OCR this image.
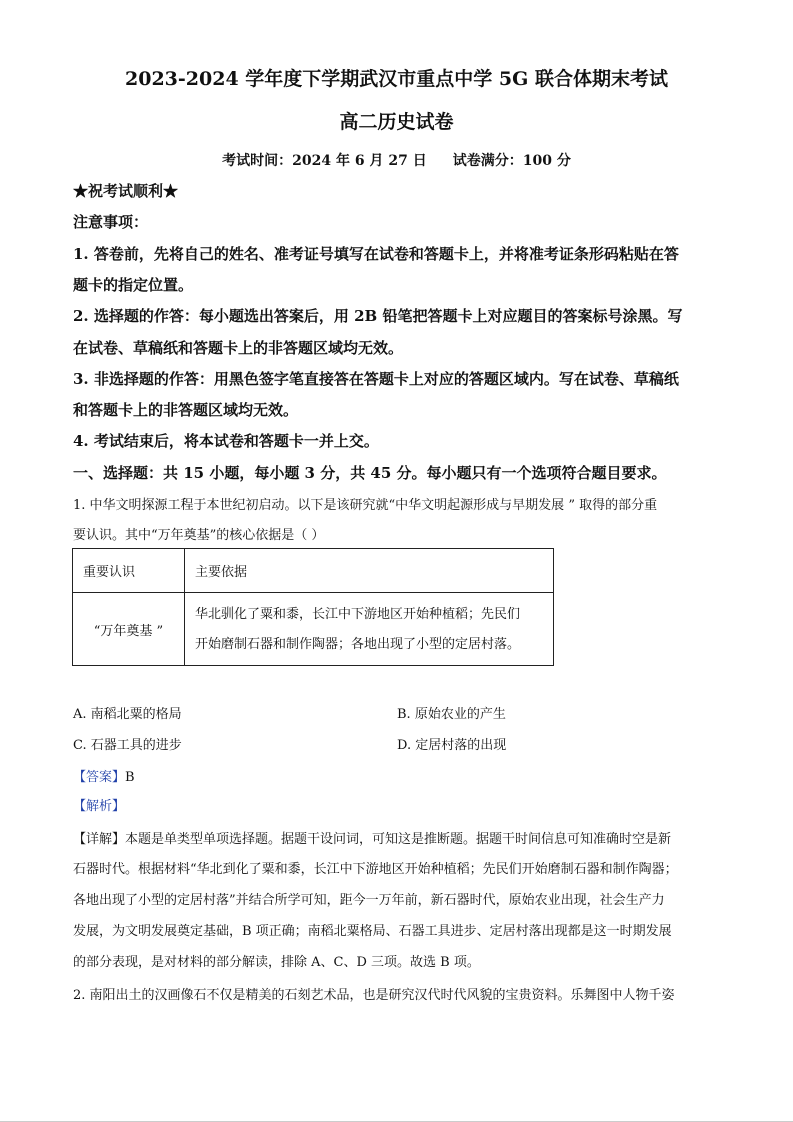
2023-2024 学年度下学期武汉市重点中学 5G 联合体期末考试
高二历史试卷
考试时间：2024 年 6 月 27 日 试卷满分：100 分
★祝考试顺利★
注意事项：
1. 答卷前，先将自己的姓名、准考证号填写在试卷和答题卡上，并将准考证条形码粘贴在答
题卡的指定位置。
2. 选择题的作答：每小题选出答案后，用 2B 铅笔把答题卡上对应题目的答案标号涂黑。写
在试卷、草稿纸和答题卡上的非答题区域均无效。
3. 非选择题的作答：用黑色签字笔直接答在答题卡上对应的答题区域内。写在试卷、草稿纸
和答题卡上的非答题区域均无效。
4. 考试结束后，将本试卷和答题卡一并上交。
一、选择题：共 15 小题，每小题 3 分，共 45 分。每小题只有一个选项符合题目要求。
1. 中华文明探源工程于本世纪初启动。以下是该研究就“中华文明起源形成与早期发展 ” 取得的部分重
要认识。其中“万年奠基”的核心依据是（ ）
重要认识	主要依据
“万年奠基 ”	华北驯化了粟和黍，长江中下游地区开始种植稻；先民们
开始磨制石器和制作陶器；各地出现了小型的定居村落。
A. 南稻北粟的格局	B. 原始农业的产生
C. 石器工具的进步	D. 定居村落的出现
【答案】B
【解析】
【详解】本题是单类型单项选择题。据题干设问词，可知这是推断题。据题干时间信息可知准确时空是新
石器时代。根据材料“华北到化了粟和黍，长江中下游地区开始种植稻；先民们开始磨制石器和制作陶器；
各地出现了小型的定居村落”并结合所学可知，距今一万年前，新石器时代，原始农业出现，社会生产力
发展，为文明发展奠定基础，B 项正确；南稻北粟格局、石器工具进步、定居村落出现都是这一时期发展
的部分表现，是对材料的部分解读，排除 A、C、D 三项。故选 B 项。
2. 南阳出土的汉画像石不仅是精美的石刻艺术品，也是研究汉代时代风貌的宝贵资料。乐舞图中人物千姿
